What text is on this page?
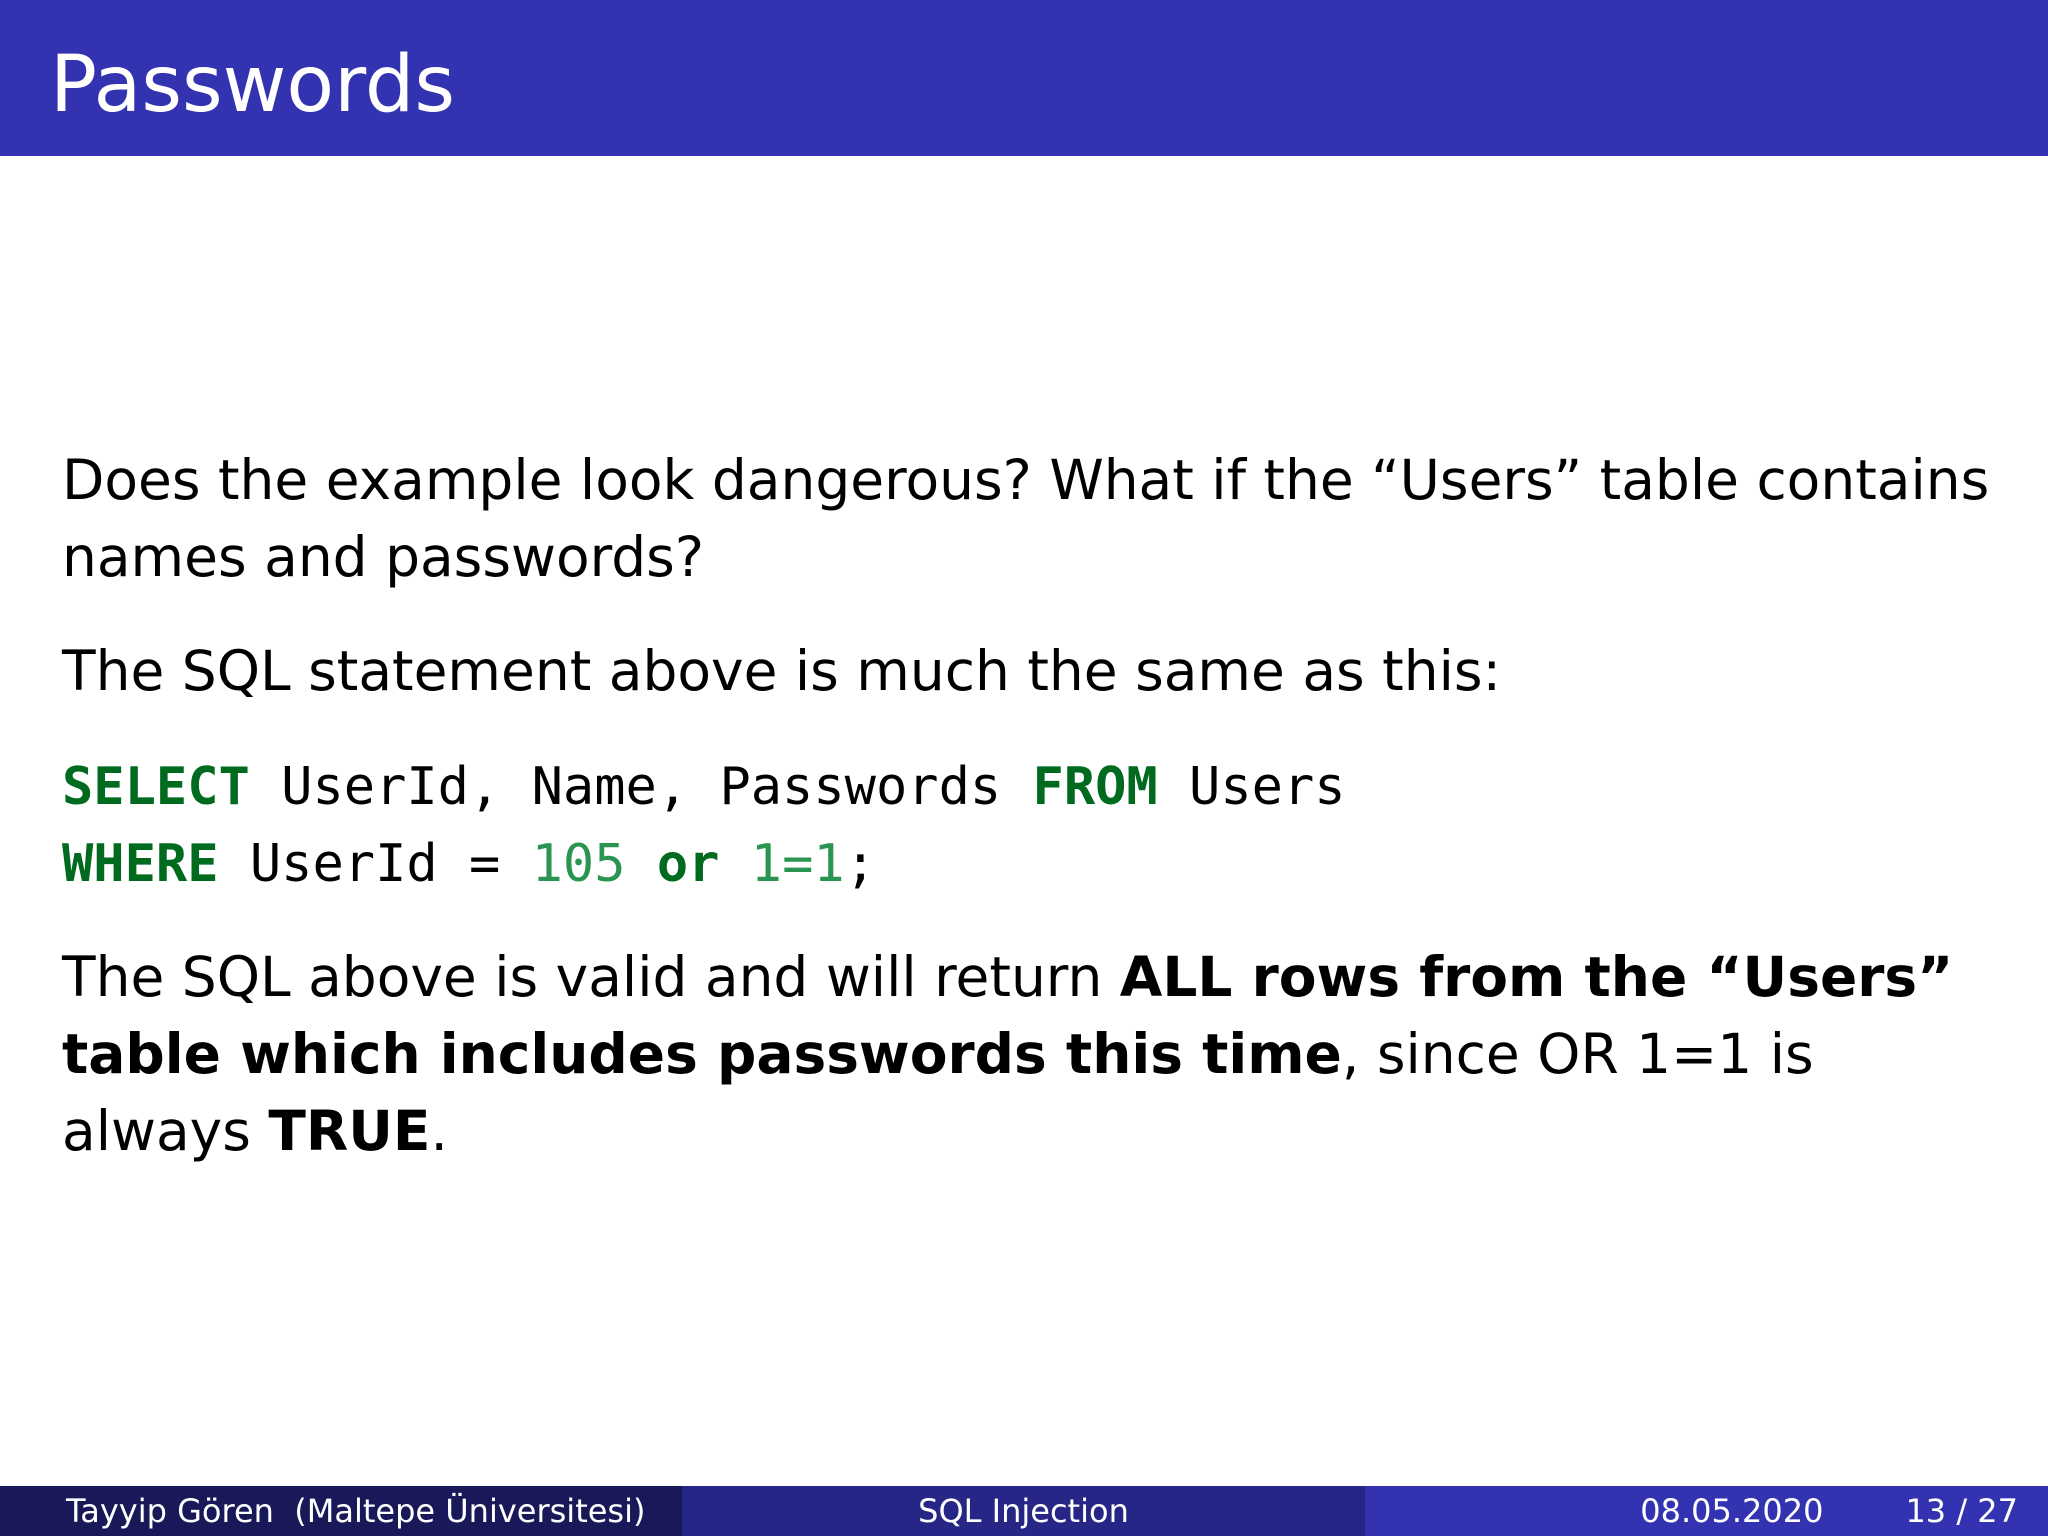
Passwords
Does the example look dangerous? What if the “Users” table contains names and passwords?
The SQL statement above is much the same as this:
SELECT UserId, Name, Passwords FROM Users
WHERE UserId = 105 or 1=1;
The SQL above is valid and will return ALL rows from the “Users” table which includes passwords this time, since OR 1=1 is always TRUE.
Tayyip Gören  (Maltepe Üniversitesi)	SQL Injection	08.05.2020	13 / 27
